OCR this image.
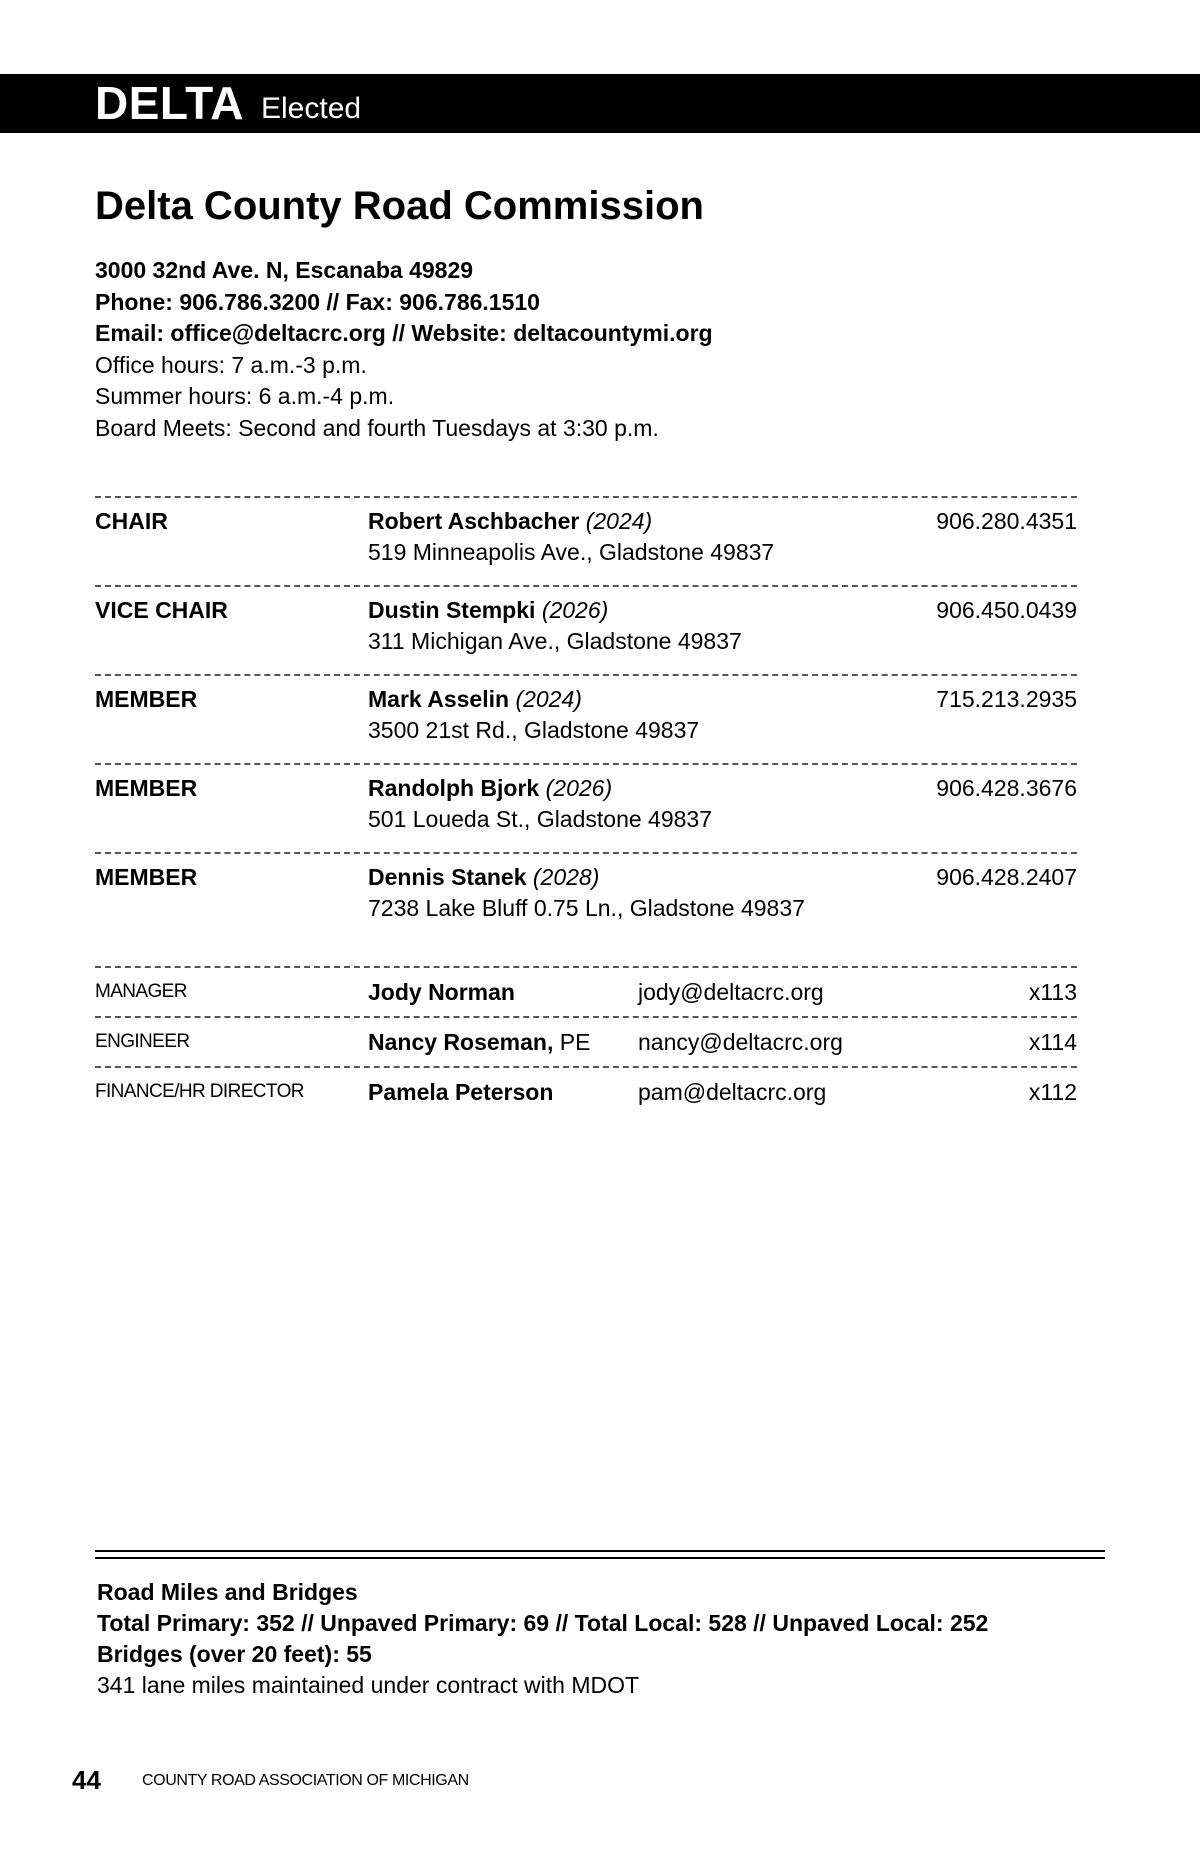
DELTA Elected
Delta County Road Commission
3000 32nd Ave. N, Escanaba 49829
Phone: 906.786.3200 // Fax: 906.786.1510
Email: office@deltacrc.org // Website: deltacountymi.org
Office hours: 7 a.m.-3 p.m.
Summer hours: 6 a.m.-4 p.m.
Board Meets: Second and fourth Tuesdays at 3:30 p.m.
CHAIR	Robert Aschbacher (2024)
519 Minneapolis Ave., Gladstone 49837
906.280.4351
VICE CHAIR	Dustin Stempki (2026)
311 Michigan Ave., Gladstone 49837
906.450.0439
MEMBER	Mark Asselin (2024)
3500 21st Rd., Gladstone 49837
715.213.2935
MEMBER	Randolph Bjork (2026)
501 Loueda St., Gladstone 49837
906.428.3676
MEMBER	Dennis Stanek (2028)
7238 Lake Bluff 0.75 Ln., Gladstone 49837
906.428.2407
MANAGER	Jody Norman	jody@deltacrc.org	x113
ENGINEER	Nancy Roseman, PE nancy@deltacrc.org	x114
FINANCE/HR DIRECTOR	Pamela Peterson	pam@deltacrc.org	x112
Road Miles and Bridges
Total Primary: 352 // Unpaved Primary: 69 // Total Local: 528 // Unpaved Local: 252
Bridges (over 20 feet): 55
341 lane miles maintained under contract with MDOT
44	COUNTY ROAD ASSOCIATION OF MICHIGAN
